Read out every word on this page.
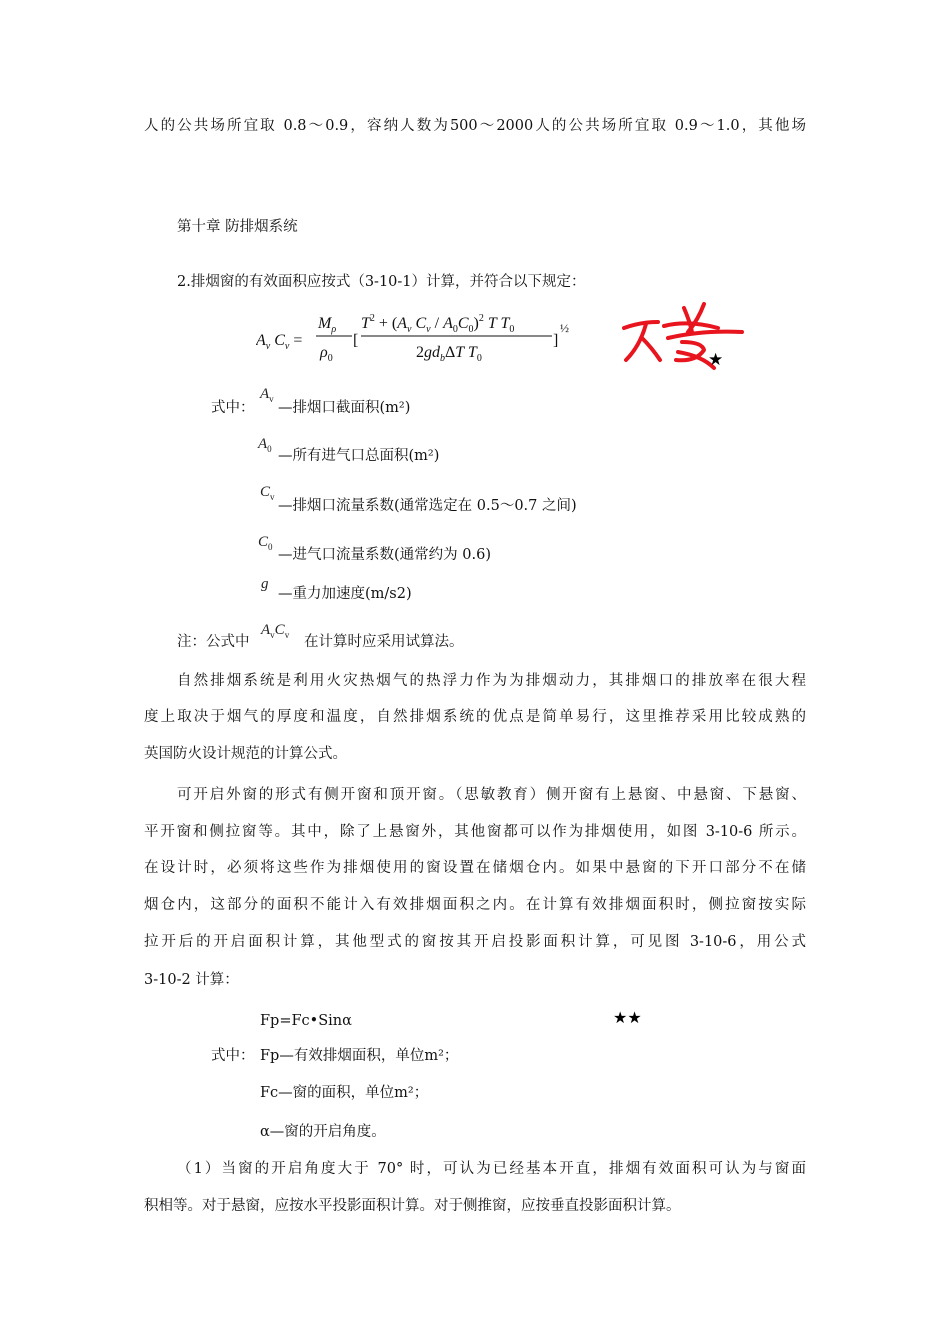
人的公共场所宜取 0.8～0.9，容纳人数为500～2000人的公共场所宜取 0.9～1.0，其他场
第十章 防排烟系统
2.排烟窗的有效面积应按式（3-10-1）计算，并符合以下规定：
$A_v$ $C_v$ =
$M_\rho$
$\rho_0$
[
$T^2 + (A_v$ $C_v / A_0C_0)^2$ T $T_0$
$2gd_b\Delta T$ $T_0$
]
½
★
式中：
$A_v$
—排烟口截面积(m²)
$A_0$ —所有进气口总面积(m²)
$C_v$
—排烟口流量系数(通常选定在 0.5～0.7 之间)
$C_0$ —进气口流量系数(通常约为 0.6)
g
—重力加速度(m/s2)
注：公式中
$A_vC_v$ 在计算时应采用试算法。
自然排烟系统是利用火灾热烟气的热浮力作为为排烟动力，其排烟口的排放率在很大程
度上取决于烟气的厚度和温度，自然排烟系统的优点是简单易行，这里推荐采用比较成熟的
英国防火设计规范的计算公式。
可开启外窗的形式有侧开窗和顶开窗。（思敏教育）侧开窗有上悬窗、中悬窗、下悬窗、
平开窗和侧拉窗等。其中，除了上悬窗外，其他窗都可以作为排烟使用，如图 3-10-6 所示。
在设计时，必须将这些作为排烟使用的窗设置在储烟仓内。如果中悬窗的下开口部分不在储
烟仓内，这部分的面积不能计入有效排烟面积之内。在计算有效排烟面积时，侧拉窗按实际
拉开后的开启面积计算，其他型式的窗按其开启投影面积计算，可见图 3-10-6，用公式
3-10-2 计算：
Fp=Fc•Sinα	★★
式中： Fp—有效排烟面积，单位m²；
Fc—窗的面积，单位m²；
α—窗的开启角度。
（1）当窗的开启角度大于 70° 时，可认为已经基本开直，排烟有效面积可认为与窗面
积相等。对于悬窗，应按水平投影面积计算。对于侧推窗，应按垂直投影面积计算。
